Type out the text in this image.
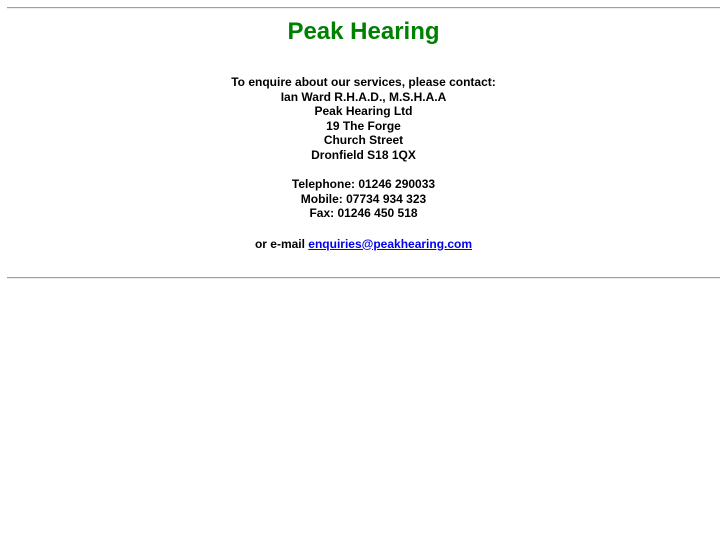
Peak Hearing

To enquire about our services, please contact:
Ian Ward R.H.A.D., M.S.H.A.A
Peak Hearing Ltd
19 The Forge
Church Street
Dronfield S18 1QX

Telephone: 01246 290033
Mobile: 07734 934 323
Fax: 01246 450 518

or e-mail enquiries@peakhearing.com
